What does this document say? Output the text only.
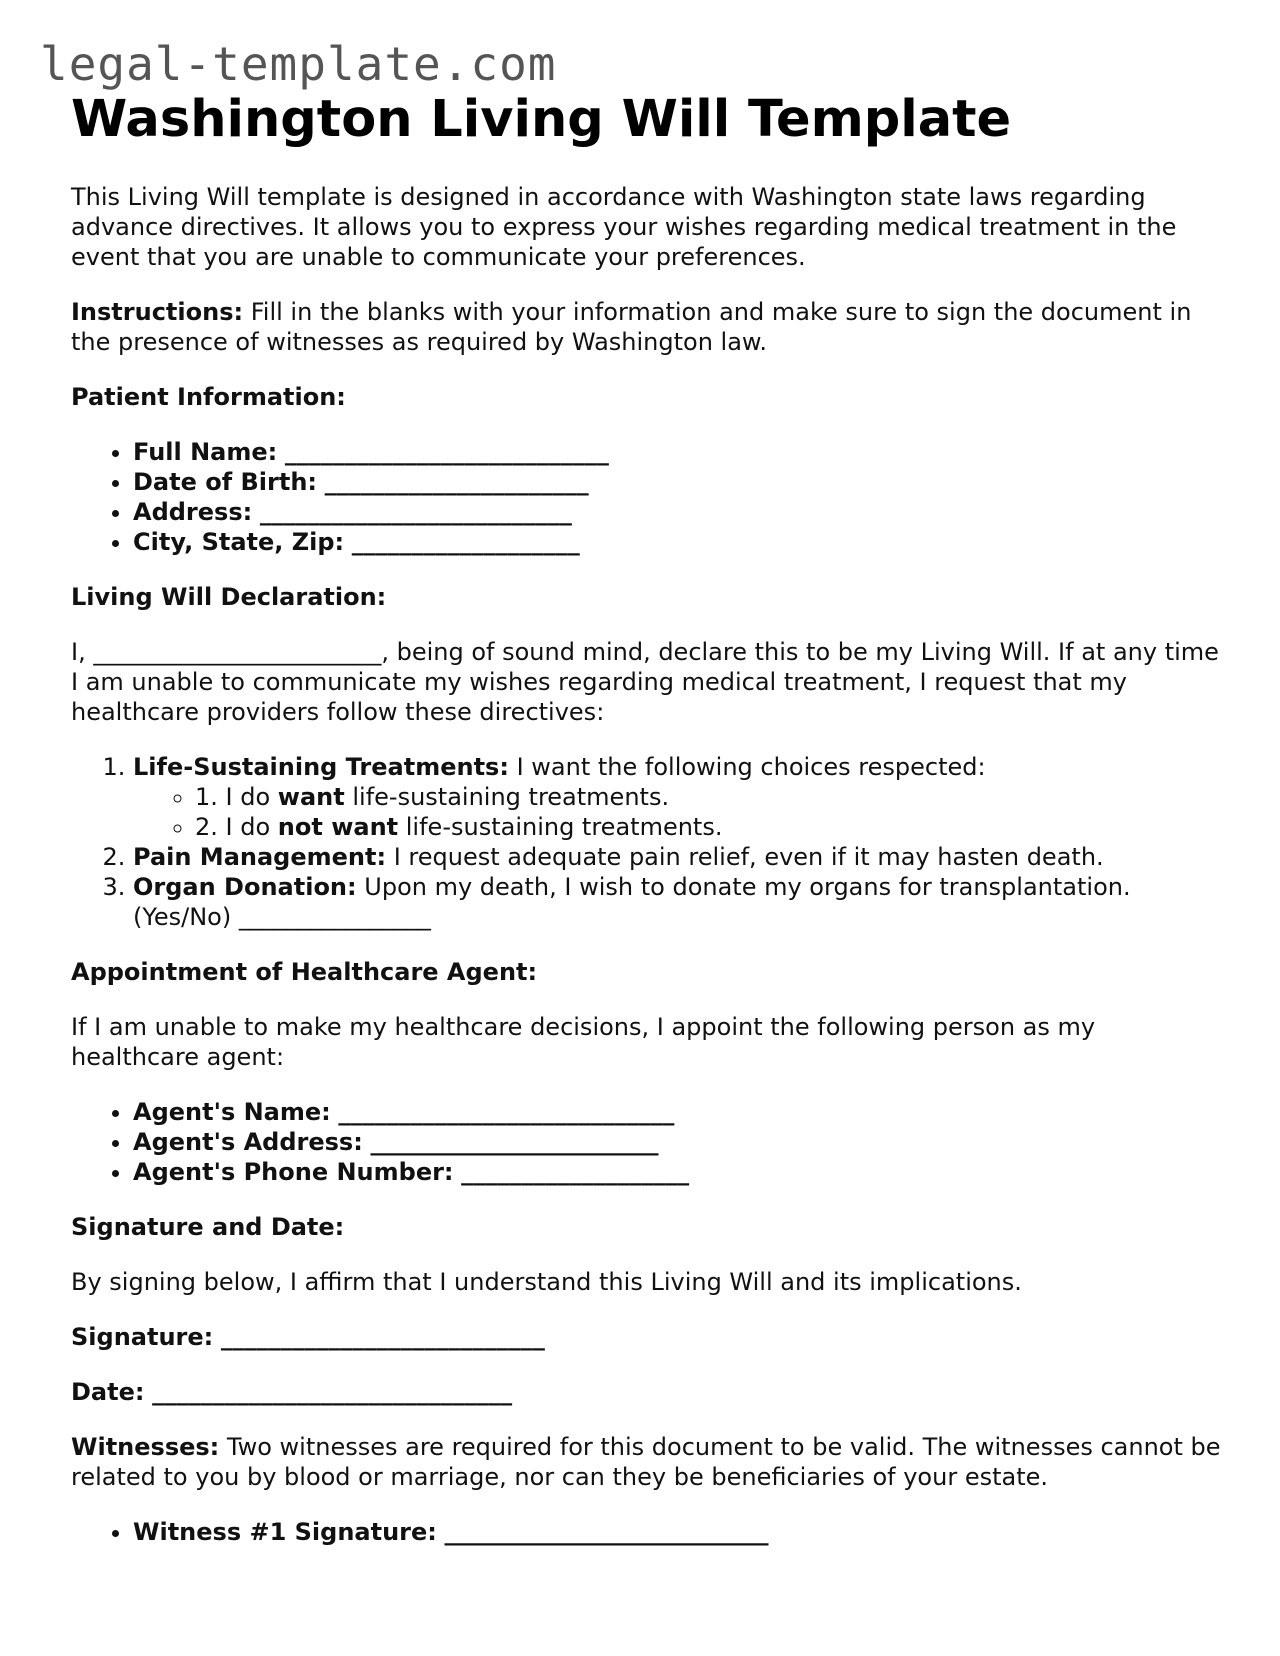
legal-template.com
Washington Living Will Template

This Living Will template is designed in accordance with Washington state laws regarding advance directives. It allows you to express your wishes regarding medical treatment in the event that you are unable to communicate your preferences.

Instructions: Fill in the blanks with your information and make sure to sign the document in the presence of witnesses as required by Washington law.

Patient Information:
• Full Name: ___________________________
• Date of Birth: ______________________
• Address: __________________________
• City, State, Zip: ___________________
Living Will Declaration:

I, ________________________, being of sound mind, declare this to be my Living Will. If at any time I am unable to communicate my wishes regarding medical treatment, I request that my healthcare providers follow these directives:

1. Life-Sustaining Treatments: I want the following choices respected:
◦ 1. I do want life-sustaining treatments.
◦ 2. I do not want life-sustaining treatments.
2. Pain Management: I request adequate pain relief, even if it may hasten death.
3. Organ Donation: Upon my death, I wish to donate my organs for transplantation. (Yes/No) ________________
Appointment of Healthcare Agent:

If I am unable to make my healthcare decisions, I appoint the following person as my healthcare agent:

• Agent's Name: ____________________________
• Agent's Address: ________________________
• Agent's Phone Number: ___________________
Signature and Date:

By signing below, I affirm that I understand this Living Will and its implications.

Signature: ___________________________

Date: ______________________________

Witnesses: Two witnesses are required for this document to be valid. The witnesses cannot be related to you by blood or marriage, nor can they be beneficiaries of your estate.

• Witness #1 Signature: ___________________________
